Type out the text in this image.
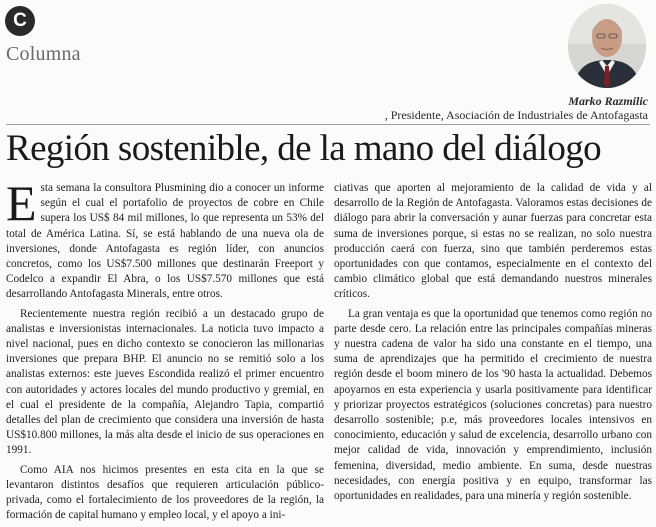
C
Columna
Marko Razmilic
, Presidente, Asociación de Industriales de Antofagasta
Región sostenible, de la mano del diálogo

Esta semana la consultora Plusmining dio a conocer un informe según el cual el portafolio de proyectos de cobre en Chile supera los US$ 84 mil millones, lo que representa un 53% del total de América Latina. Sí, se está hablando de una nueva ola de inversiones, donde Antofagasta es región líder, con anuncios concretos, como los US$7.500 millones que destinarán Freeport y Codelco a expandir El Abra, o los US$7.570 millones que está desarrollando Antofagasta Minerals, entre otros.

Recientemente nuestra región recibió a un destacado grupo de analistas e inversionistas internacionales. La noticia tuvo impacto a nivel nacional, pues en dicho contexto se conocieron las millonarias inversiones que prepara BHP. El anuncio no se remitió solo a los analistas externos: este jueves Escondida realizó el primer encuentro con autoridades y actores locales del mundo productivo y gremial, en el cual el presidente de la compañía, Alejandro Tapia, compartió detalles del plan de crecimiento que considera una inversión de hasta US$10.800 millones, la más alta desde el inicio de sus operaciones en 1991.

Como AIA nos hicimos presentes en esta cita en la que se levantaron distintos desafíos que requieren articulación público-privada, como el fortalecimiento de los proveedores de la región, la formación de capital humano y empleo local, y el apoyo a ini-

ciativas que aporten al mejoramiento de la calidad de vida y al desarrollo de la Región de Antofagasta. Valoramos estas decisiones de diálogo para abrir la conversación y aunar fuerzas para concretar esta suma de inversiones porque, si estas no se realizan, no solo nuestra producción caerá con fuerza, sino que también perderemos estas oportunidades con que contamos, especialmente en el contexto del cambio climático global que está demandando nuestros minerales críticos.

La gran ventaja es que la oportunidad que tenemos como región no parte desde cero. La relación entre las principales compañías mineras y nuestra cadena de valor ha sido una constante en el tiempo, una suma de aprendizajes que ha permitido el crecimiento de nuestra región desde el boom minero de los '90 hasta la actualidad. Debemos apoyarnos en esta experiencia y usarla positivamente para identificar y priorizar proyectos estratégicos (soluciones concretas) para nuestro desarrollo sostenible; p.e, más proveedores locales intensivos en conocimiento, educación y salud de excelencia, desarrollo urbano con mejor calidad de vida, innovación y emprendimiento, inclusión femenina, diversidad, medio ambiente. En suma, desde nuestras necesidades, con energía positiva y en equipo, transformar las oportunidades en realidades, para una minería y región sostenible.
